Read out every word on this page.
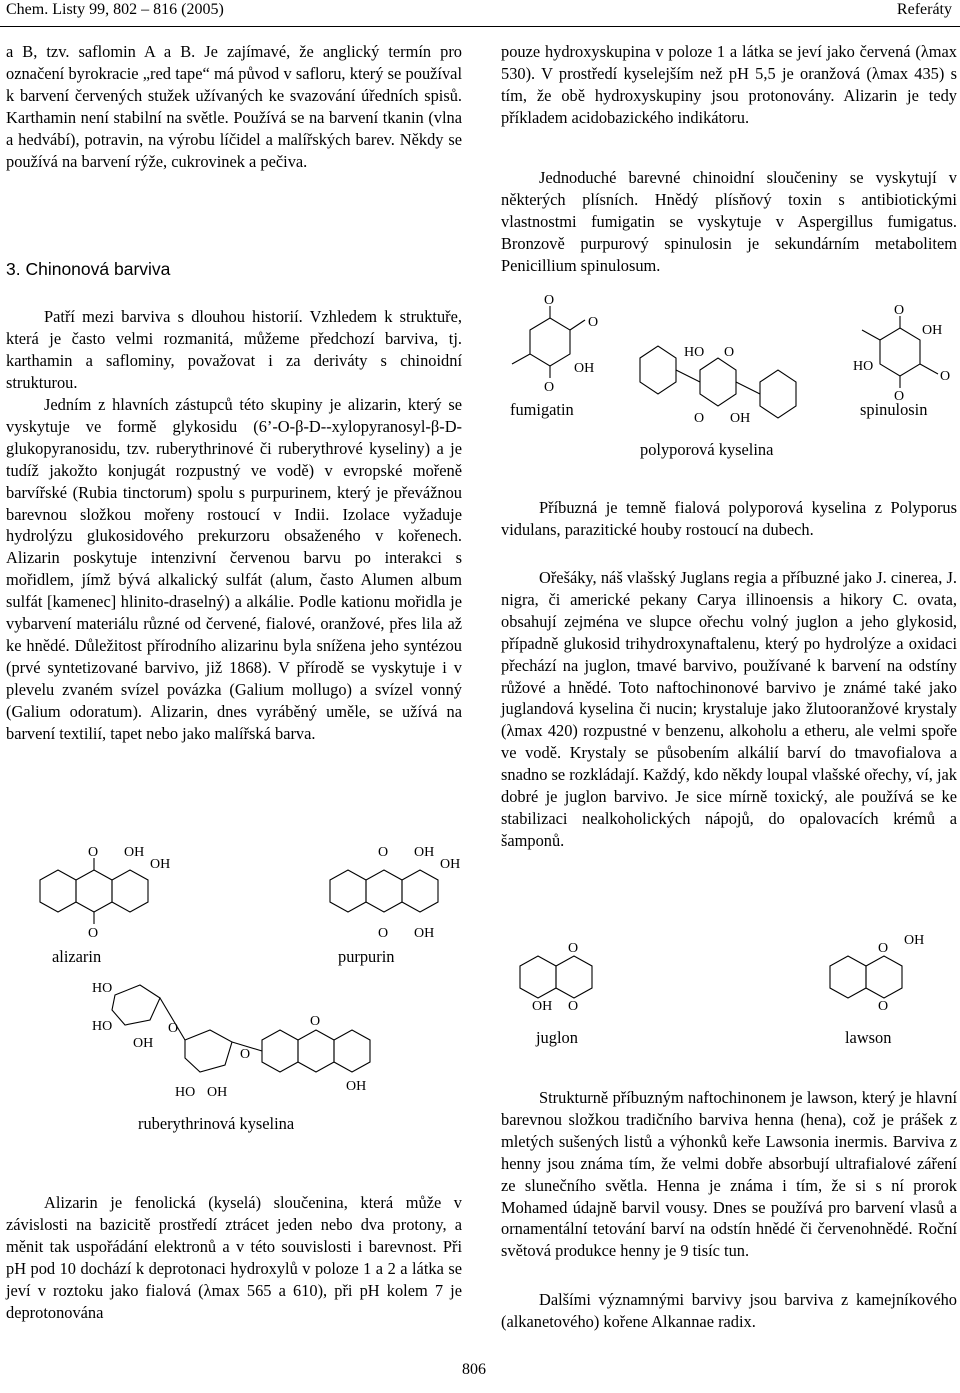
Chem. Listy 99, 802 – 816 (2005)	Referáty

a B, tzv. saflomin A a B. Je zajímavé, že anglický termín pro označení byrokracie „red tape“ má původ v safloru, který se používal k barvení červených stužek užívaných ke svazování úředních spisů. Karthamin není stabilní na světle. Používá se na barvení tkanin (vlna a hedvábí), potravin, na výrobu líčidel a malířských barev. Někdy se používá na barvení rýže, cukrovinek a pečiva.

3. Chinonová barviva

Patří mezi barviva s dlouhou historií. Vzhledem k struktuře, která je často velmi rozmanitá, můžeme předchozí barviva, tj. karthamin a saflominy, považovat i za deriváty s chinoidní strukturou.

Jedním z hlavních zástupců této skupiny je alizarin, který se vyskytuje ve formě glykosidu (6’-O-β-D--xylopyranosyl-β-D-glukopyranosidu, tzv. ruberythrinové či ruberythrové kyseliny) a je tudíž jakožto konjugát rozpustný ve vodě) v evropské mořeně barvířské (Rubia tinctorum) spolu s purpurinem, který je převážnou barevnou složkou mořeny rostoucí v Indii. Izolace vyžaduje hydrolýzu glukosidového prekurzoru obsaženého v kořenech. Alizarin poskytuje intenzivní červenou barvu po interakci s mořidlem, jímž bývá alkalický sulfát (alum, často Alumen album sulfát [kamenec] hlinito-draselný) a alkálie. Podle kationu mořidla je vybarvení materiálu různé od červené, fialové, oranžové, přes lila až ke hnědé. Důležitost přírodního alizarinu byla snížena jeho syntézou (prvé syntetizované barvivo, již 1868). V přírodě se vyskytuje i v plevelu zvaném svízel povázka (Galium mollugo) a svízel vonný (Galium odoratum). Alizarin, dnes vyráběný uměle, se užívá na barvení textilií, tapet nebo jako malířská barva.

Alizarin je fenolická (kyselá) sloučenina, která může v závislosti na bazicitě prostředí ztrácet jeden nebo dva protony, a měnit tak uspořádání elektronů a v této souvislosti i barevnost. Při pH pod 10 dochází k deprotonaci hydroxylů v poloze 1 a 2 a látka se jeví v roztoku jako fialová (λmax 565 a 610), při pH kolem 7 je deprotonována

pouze hydroxyskupina v poloze 1 a látka se jeví jako červená (λmax 530). V prostředí kyselejším než pH 5,5 je oranžová (λmax 435) s tím, že obě hydroxyskupiny jsou protonovány. Alizarin je tedy příkladem acidobazického indikátoru.

Jednoduché barevné chinoidní sloučeniny se vyskytují v některých plísních. Hnědý plísňový toxin s antibiotickými vlastnostmi fumigatin se vyskytuje v Aspergillus fumigatus. Bronzově purpurový spinulosin je sekundárním metabolitem Penicillium spinulosum.

Příbuzná je temně fialová polyporová kyselina z Polyporus vidulans, parazitické houby rostoucí na dubech.

Ořešáky, náš vlašský Juglans regia a příbuzné jako J. cinerea, J. nigra, či americké pekany Carya illinoensis a hikory C. ovata, obsahují zejména ve slupce ořechu volný juglon a jeho glykosid, případně glukosid trihydroxynaftalenu, který po hydrolýze a oxidaci přechází na juglon, tmavé barvivo, používané k barvení na odstíny růžové a hnědé. Toto naftochinonové barvivo je známé také jako juglandová kyselina či nucin; krystaluje jako žlutooranžové krystaly (λmax 420) rozpustné v benzenu, alkoholu a etheru, ale velmi spoře ve vodě. Krystaly se působením alkálií barví do tmavofialova a snadno se rozkládají. Každý, kdo někdy loupal vlašské ořechy, ví, jak dobré je juglon barvivo. Je sice mírně toxický, ale používá se ke stabilizaci nealkoholických nápojů, do opalovacích krémů a šamponů.

Strukturně příbuzným naftochinonem je lawson, který je hlavní barevnou složkou tradičního barviva henna (hena), což je prášek z mletých sušených listů a výhonků keře Lawsonia inermis. Barviva z henny jsou známa tím, že velmi dobře absorbují ultrafialové záření ze slunečního světla. Henna je známa i tím, že si s ní prorok Mohamed údajně barvil vousy. Dnes se používá pro barvení vlasů a ornamentální tetování barví na odstín hnědé či červenohnědé. Roční světová produkce henny je 9 tisíc tun.

Dalšími významnými barvivy jsou barviva z kamejníkového (alkanetového) kořene Alkannae radix.

O
O
OH
OH
O
O
OH
OH
OH
HO
HO
OH
O
O
HO OH
O
OH
O
O
O
OH
HO O
O OH
O
O
OH
HO
O
O
OH O
O
OH
O
alizarin	purpurin
ruberythrinová kyselina
fumigatin
polyporová kyselina
spinulosin
juglon	lawson
806
